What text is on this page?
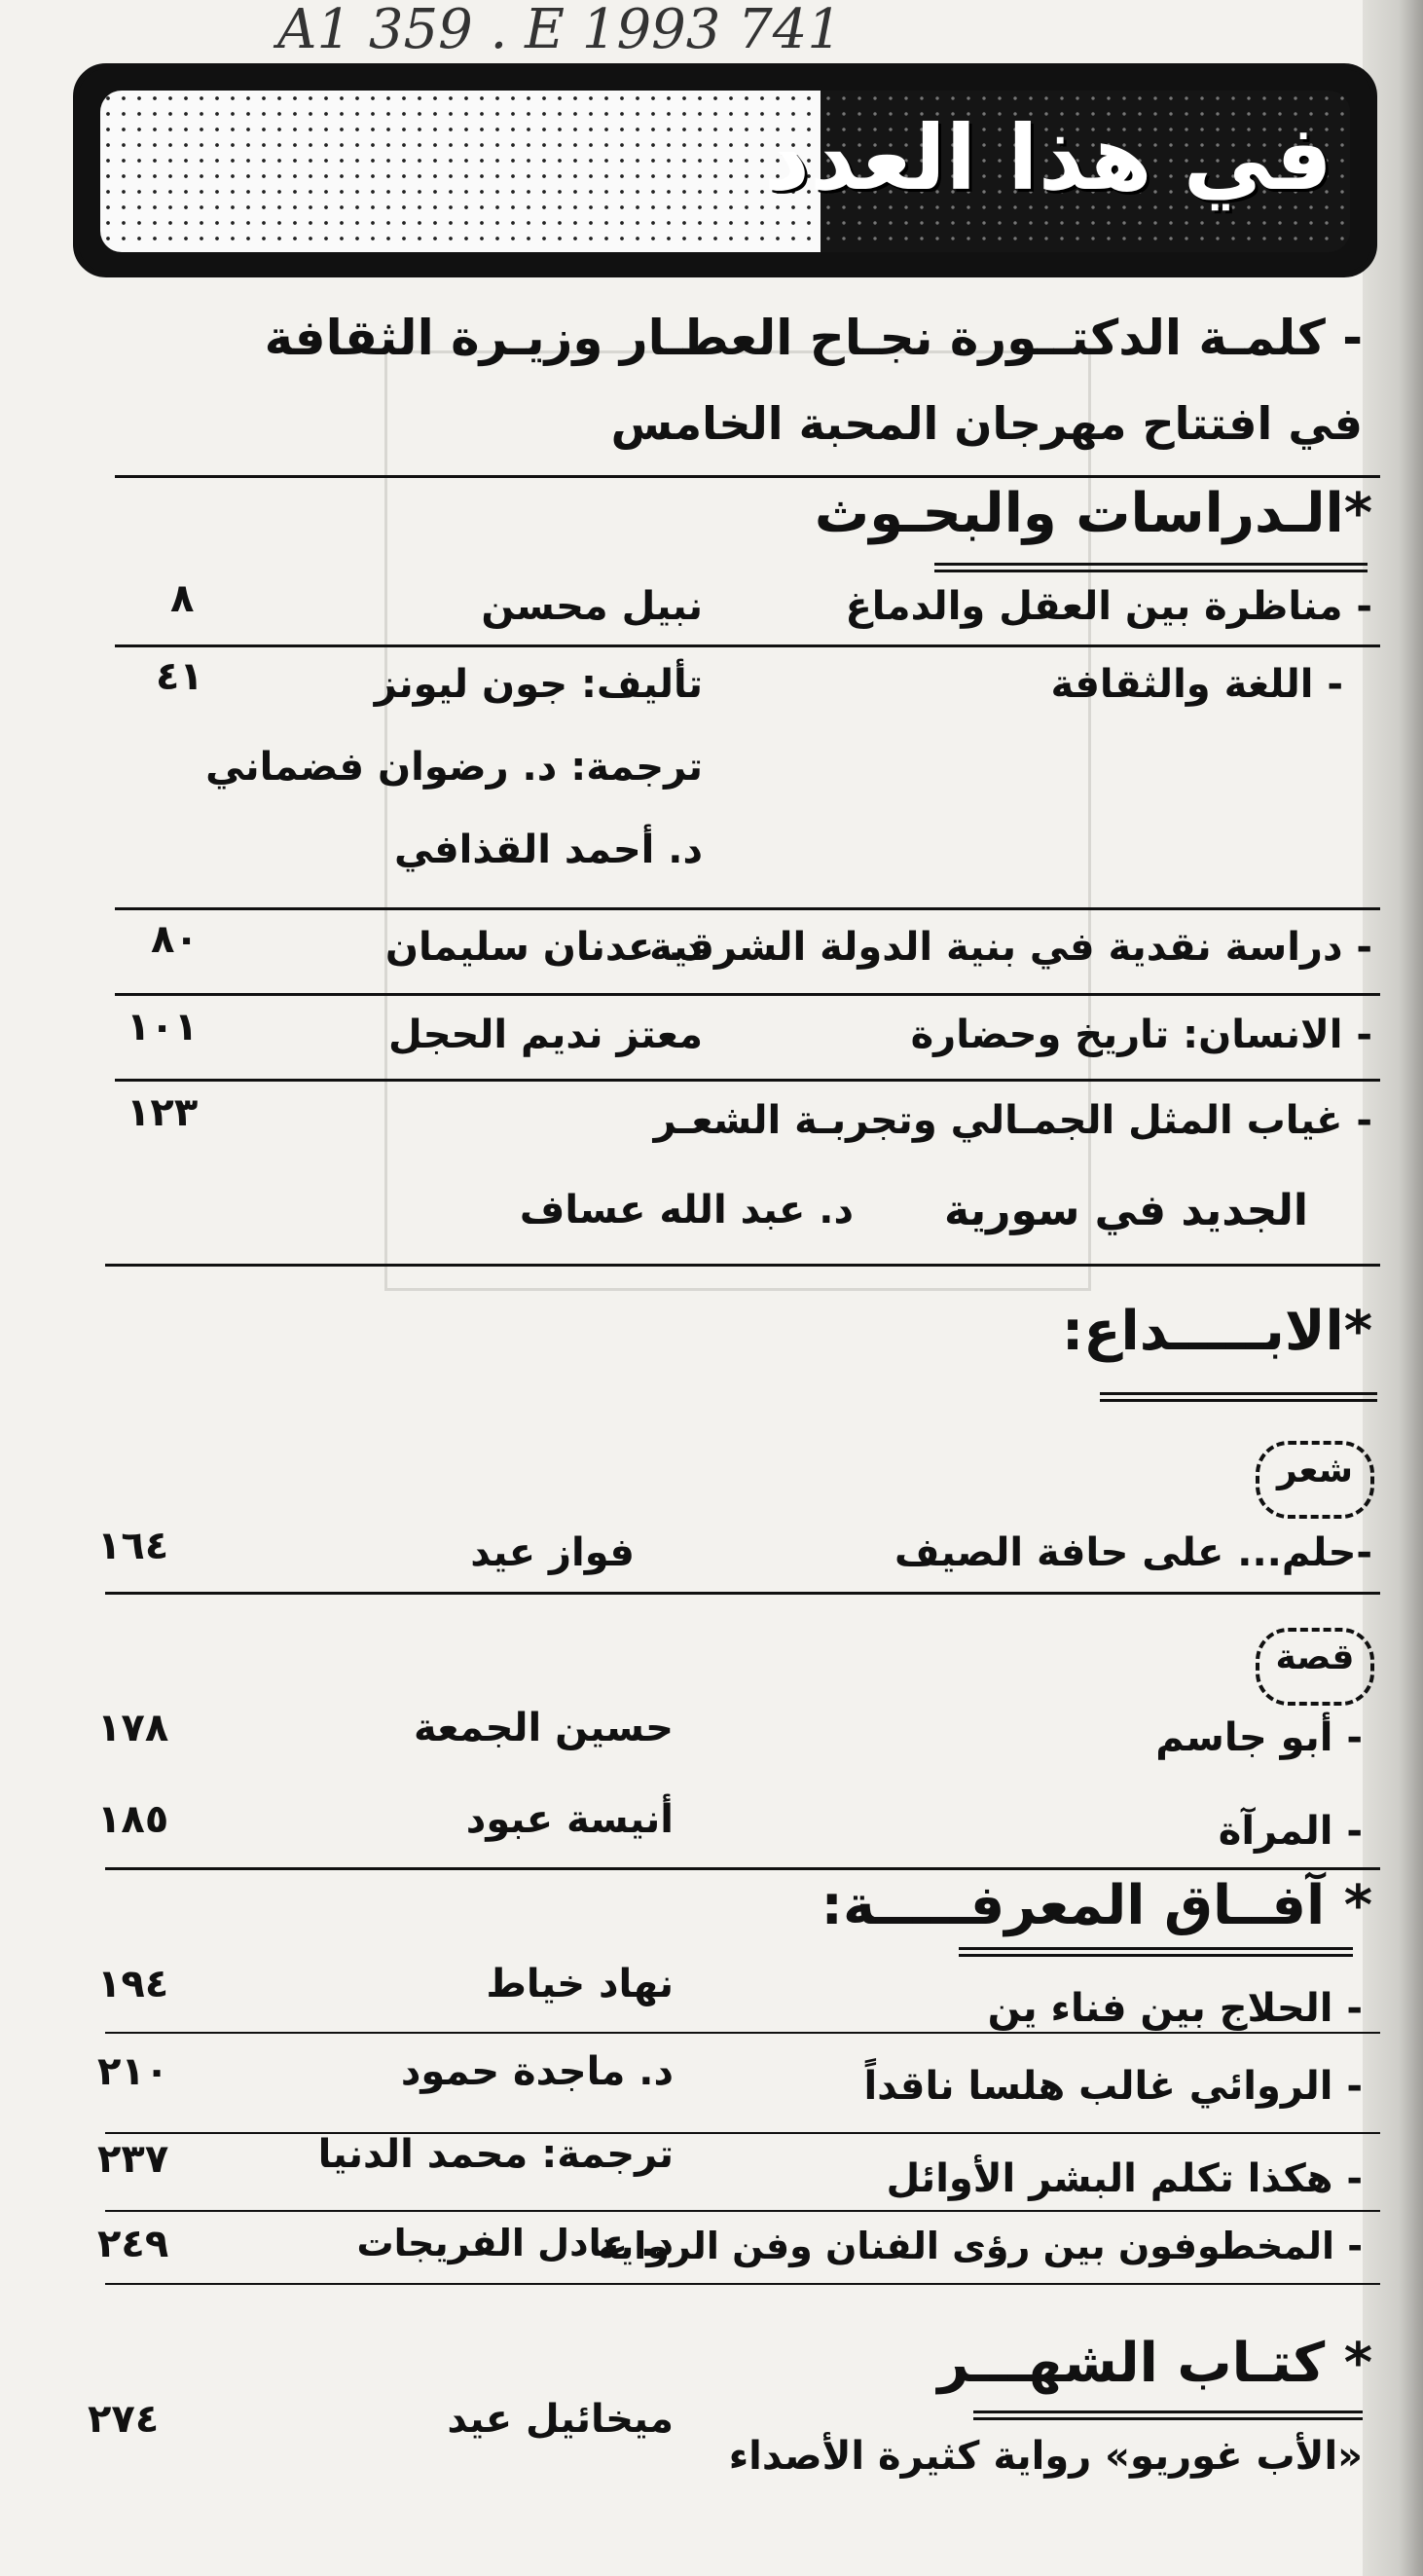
A1 359 . E 1993 741
في هذا العدد
- كلمـة الدكتــورة نجـاح العطـار وزيـرة الثقافة
في افتتاح مهرجان المحبة الخامس
*الـدراسات والبحـوث
- مناظرة بين العقل والدماغ
نبيل محسن
٨
- اللغة والثقافة
تأليف: جون ليونز
ترجمة: د. رضوان فضماني
د. أحمد القذافي
٤١
- دراسة نقدية في بنية الدولة الشرقية
د. عدنان سليمان
٨٠
- الانسان: تاريخ وحضارة
معتز نديم الحجل
١٠١
- غياب المثل الجمـالي وتجربـة الشعـر
الجديد في سورية
د. عبد الله عساف
١٢٣
*الابـــــداع:
شعر
-حلم... على حافة الصيف
فواز عيد
١٦٤
قصة
- أبو جاسم
حسين الجمعة
١٧٨
- المرآة
أنيسة عبود
١٨٥
* آفــاق المعرفـــــة:
- الحلاج بين فناء ين
نهاد خياط
١٩٤
- الروائي غالب هلسا ناقداً
د. ماجدة حمود
٢١٠
- هكذا تكلم البشر الأوائل
ترجمة: محمد الدنيا
٢٣٧
- المخطوفون بين رؤى الفنان وفن الرواية
د. عادل الفريجات
٢٤٩
* كتـاب الشهـــر
«الأب غوريو» رواية كثيرة الأصداء
ميخائيل عيد
٢٧٤
